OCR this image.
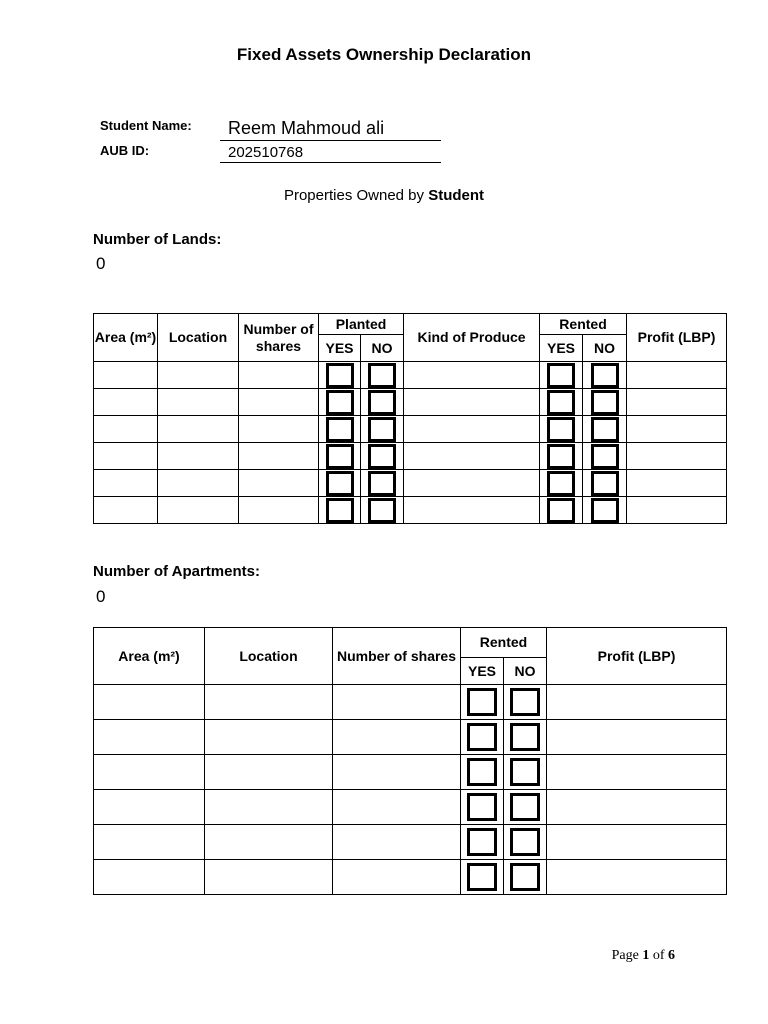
Fixed Assets Ownership Declaration
Student Name: Reem Mahmoud ali
AUB ID:	202510768
Properties Owned by Student
Number of Lands:
0
Area (m²)	Location	Number of shares	Planted		Kind of Produce	Rented		Profit (LBP)
			YES	NO		YES	NO	

Number of Apartments:
0
Area (m²)	Location	Number of shares	Rented		Profit (LBP)
			YES	NO	

Page 1 of 6
